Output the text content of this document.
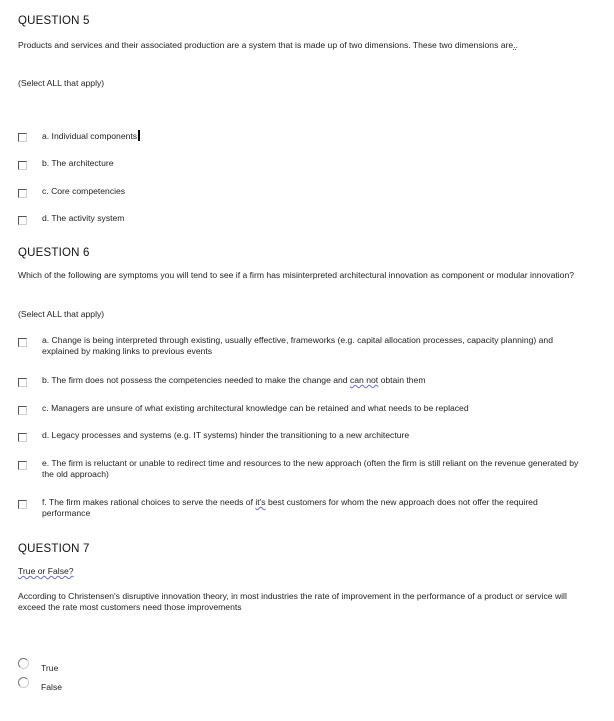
QUESTION 5
Products and services and their associated production are a system that is made up of two dimensions. These two dimensions are..
(Select ALL that apply)
a. Individual components
b. The architecture
c. Core competencies
d. The activity system
QUESTION 6
Which of the following are symptoms you will tend to see if a firm has misinterpreted architectural innovation as component or modular innovation?
(Select ALL that apply)
a. Change is being interpreted through existing, usually effective, frameworks (e.g. capital allocation processes, capacity planning) and explained by making links to previous events
b. The firm does not possess the competencies needed to make the change and can not obtain them
c. Managers are unsure of what existing architectural knowledge can be retained and what needs to be replaced
d. Legacy processes and systems (e.g. IT systems) hinder the transitioning to a new architecture
e. The firm is reluctant or unable to redirect time and resources to the new approach (often the firm is still reliant on the revenue generated by the old approach)
f. The firm makes rational choices to serve the needs of it's best customers for whom the new approach does not offer the required performance
QUESTION 7
True or False?
According to Christensen's disruptive innovation theory, in most industries the rate of improvement in the performance of a product or service will exceed the rate most customers need those improvements
True
False
